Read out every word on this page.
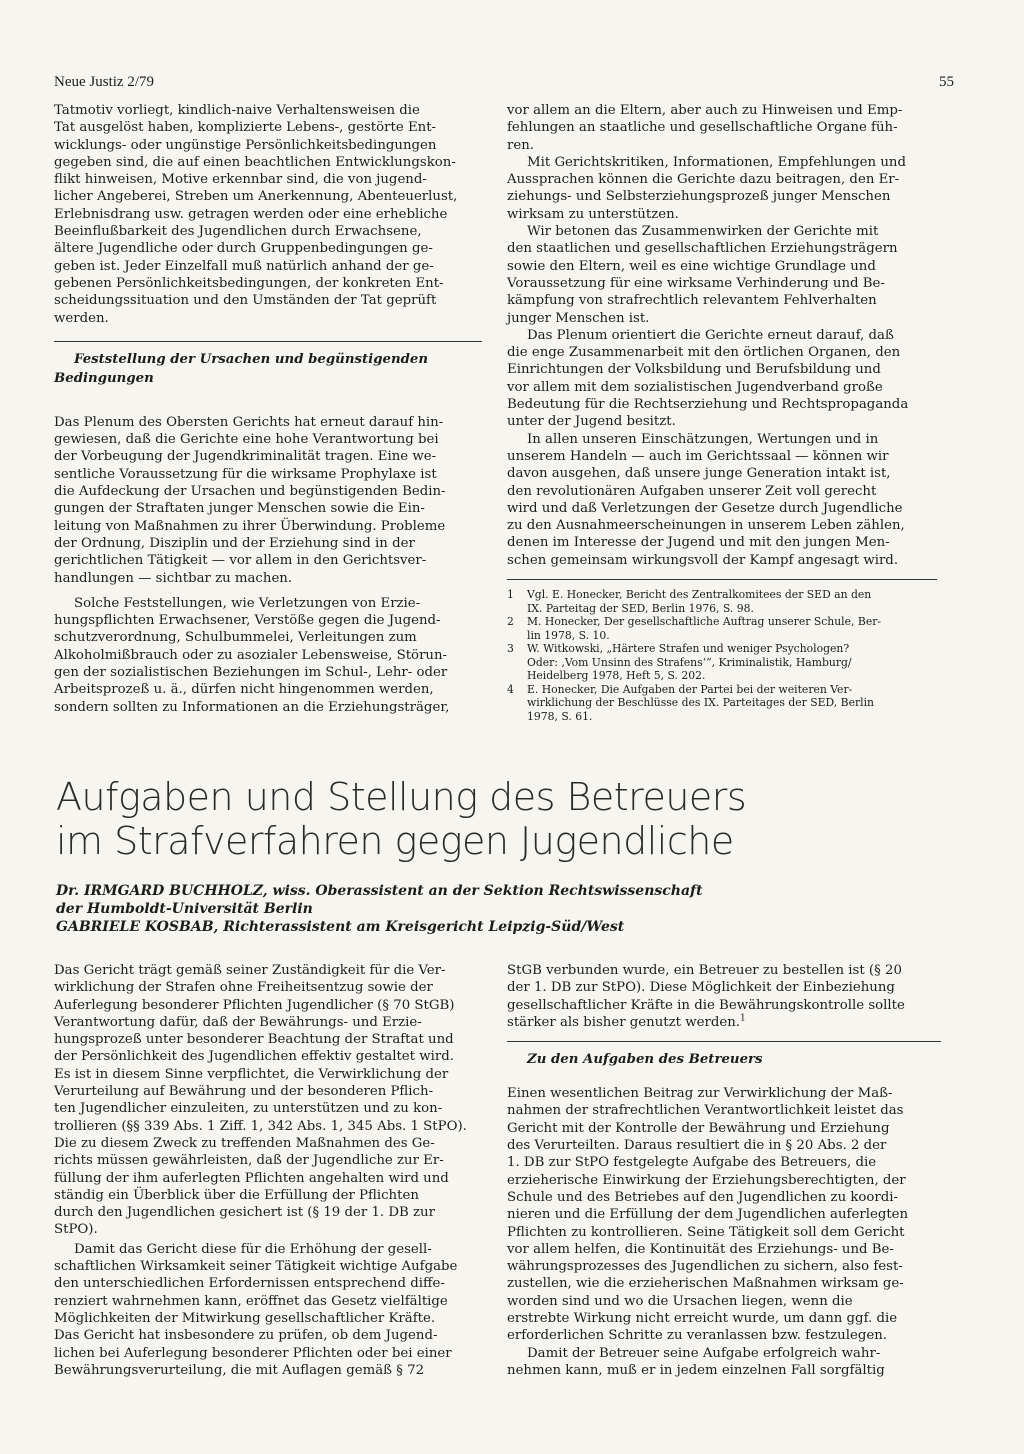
Neue Justiz 2/79	55

Tatmotiv vorliegt, kindlich-naive Verhaltensweisen die
Tat ausgelöst haben, komplizierte Lebens-, gestörte Ent-
wicklungs- oder ungünstige Persönlichkeitsbedingungen
gegeben sind, die auf einen beachtlichen Entwicklungskon-
flikt hinweisen, Motive erkennbar sind, die von jugend-
licher Angeberei, Streben um Anerkennung, Abenteuerlust,
Erlebnisdrang usw. getragen werden oder eine erhebliche
Beeinflußbarkeit des Jugendlichen durch Erwachsene,
ältere Jugendliche oder durch Gruppenbedingungen ge-
geben ist. Jeder Einzelfall muß natürlich anhand der ge-
gebenen Persönlichkeitsbedingungen, der konkreten Ent-
scheidungssituation und den Umständen der Tat geprüft
werden.

Feststellung der Ursachen und begünstigenden
Bedingungen

Das Plenum des Obersten Gerichts hat erneut darauf hin-
gewiesen, daß die Gerichte eine hohe Verantwortung bei
der Vorbeugung der Jugendkriminalität tragen. Eine we-
sentliche Voraussetzung für die wirksame Prophylaxe ist
die Aufdeckung der Ursachen und begünstigenden Bedin-
gungen der Straftaten junger Menschen sowie die Ein-
leitung von Maßnahmen zu ihrer Überwindung. Probleme
der Ordnung, Disziplin und der Erziehung sind in der
gerichtlichen Tätigkeit — vor allem in den Gerichtsver-
handlungen — sichtbar zu machen.

Solche Feststellungen, wie Verletzungen von Erzie-
hungspflichten Erwachsener, Verstöße gegen die Jugend-
schutzverordnung, Schulbummelei, Verleitungen zum
Alkoholmißbrauch oder zu asozialer Lebensweise, Störun-
gen der sozialistischen Beziehungen im Schul-, Lehr- oder
Arbeitsprozeß u. ä., dürfen nicht hingenommen werden,
sondern sollten zu Informationen an die Erziehungsträger,

vor allem an die Eltern, aber auch zu Hinweisen und Emp-
fehlungen an staatliche und gesellschaftliche Organe füh-
ren.

Mit Gerichtskritiken, Informationen, Empfehlungen und
Aussprachen können die Gerichte dazu beitragen, den Er-
ziehungs- und Selbsterziehungsprozeß junger Menschen
wirksam zu unterstützen.

Wir betonen das Zusammenwirken der Gerichte mit
den staatlichen und gesellschaftlichen Erziehungsträgern
sowie den Eltern, weil es eine wichtige Grundlage und
Voraussetzung für eine wirksame Verhinderung und Be-
kämpfung von strafrechtlich relevantem Fehlverhalten
junger Menschen ist.

Das Plenum orientiert die Gerichte erneut darauf, daß
die enge Zusammenarbeit mit den örtlichen Organen, den
Einrichtungen der Volksbildung und Berufsbildung und
vor allem mit dem sozialistischen Jugendverband große
Bedeutung für die Rechtserziehung und Rechtspropaganda
unter der Jugend besitzt.

In allen unseren Einschätzungen, Wertungen und in
unserem Handeln — auch im Gerichtssaal — können wir
davon ausgehen, daß unsere junge Generation intakt ist,
den revolutionären Aufgaben unserer Zeit voll gerecht
wird und daß Verletzungen der Gesetze durch Jugendliche
zu den Ausnahmeerscheinungen in unserem Leben zählen,
denen im Interesse der Jugend und mit den jungen Men-
schen gemeinsam wirkungsvoll der Kampf angesagt wird.

1	Vgl. E. Honecker, Bericht des Zentralkomitees der SED an den
IX. Parteitag der SED, Berlin 1976, S. 98.
2	M. Honecker, Der gesellschaftliche Auftrag unserer Schule, Ber-
lin 1978, S. 10.
3	W. Witkowski, „Härtere Strafen und weniger Psychologen?
Oder: ‚Vom Unsinn des Strafens‘“, Kriminalistik, Hamburg/
Heidelberg 1978, Heft 5, S. 202.
4	E. Honecker, Die Aufgaben der Partei bei der weiteren Ver-
wirklichung der Beschlüsse des IX. Parteitages der SED, Berlin
1978, S. 61.
Aufgaben und Stellung des Betreuers
im Strafverfahren gegen Jugendliche
Dr. IRMGARD BUCHHOLZ, wiss. Oberassistent an der Sektion Rechtswissenschaft
der Humboldt-Universität Berlin
GABRIELE KOSBAB, Richterassistent am Kreisgericht Leipzig-Süd/West

Das Gericht trägt gemäß seiner Zuständigkeit für die Ver-
wirklichung der Strafen ohne Freiheitsentzug sowie der
Auferlegung besonderer Pflichten Jugendlicher (§ 70 StGB)
Verantwortung dafür, daß der Bewährungs- und Erzie-
hungsprozeß unter besonderer Beachtung der Straftat und
der Persönlichkeit des Jugendlichen effektiv gestaltet wird.
Es ist in diesem Sinne verpflichtet, die Verwirklichung der
Verurteilung auf Bewährung und der besonderen Pflich-
ten Jugendlicher einzuleiten, zu unterstützen und zu kon-
trollieren (§§ 339 Abs. 1 Ziff. 1, 342 Abs. 1, 345 Abs. 1 StPO).
Die zu diesem Zweck zu treffenden Maßnahmen des Ge-
richts müssen gewährleisten, daß der Jugendliche zur Er-
füllung der ihm auferlegten Pflichten angehalten wird und
ständig ein Überblick über die Erfüllung der Pflichten
durch den Jugendlichen gesichert ist (§ 19 der 1. DB zur
StPO).

Damit das Gericht diese für die Erhöhung der gesell-
schaftlichen Wirksamkeit seiner Tätigkeit wichtige Aufgabe
den unterschiedlichen Erfordernissen entsprechend diffe-
renziert wahrnehmen kann, eröffnet das Gesetz vielfältige
Möglichkeiten der Mitwirkung gesellschaftlicher Kräfte.
Das Gericht hat insbesondere zu prüfen, ob dem Jugend-
lichen bei Auferlegung besonderer Pflichten oder bei einer
Bewährungsverurteilung, die mit Auflagen gemäß § 72

StGB verbunden wurde, ein Betreuer zu bestellen ist (§ 20
der 1. DB zur StPO). Diese Möglichkeit der Einbeziehung
gesellschaftlicher Kräfte in die Bewährungskontrolle sollte
stärker als bisher genutzt werden.$^1$

Zu den Aufgaben des Betreuers

Einen wesentlichen Beitrag zur Verwirklichung der Maß-
nahmen der strafrechtlichen Verantwortlichkeit leistet das
Gericht mit der Kontrolle der Bewährung und Erziehung
des Verurteilten. Daraus resultiert die in § 20 Abs. 2 der
1. DB zur StPO festgelegte Aufgabe des Betreuers, die
erzieherische Einwirkung der Erziehungsberechtigten, der
Schule und des Betriebes auf den Jugendlichen zu koordi-
nieren und die Erfüllung der dem Jugendlichen auferlegten
Pflichten zu kontrollieren. Seine Tätigkeit soll dem Gericht
vor allem helfen, die Kontinuität des Erziehungs- und Be-
währungsprozesses des Jugendlichen zu sichern, also fest-
zustellen, wie die erzieherischen Maßnahmen wirksam ge-
worden sind und wo die Ursachen liegen, wenn die
erstrebte Wirkung nicht erreicht wurde, um dann ggf. die
erforderlichen Schritte zu veranlassen bzw. festzulegen.

Damit der Betreuer seine Aufgabe erfolgreich wahr-
nehmen kann, muß er in jedem einzelnen Fall sorgfältig
